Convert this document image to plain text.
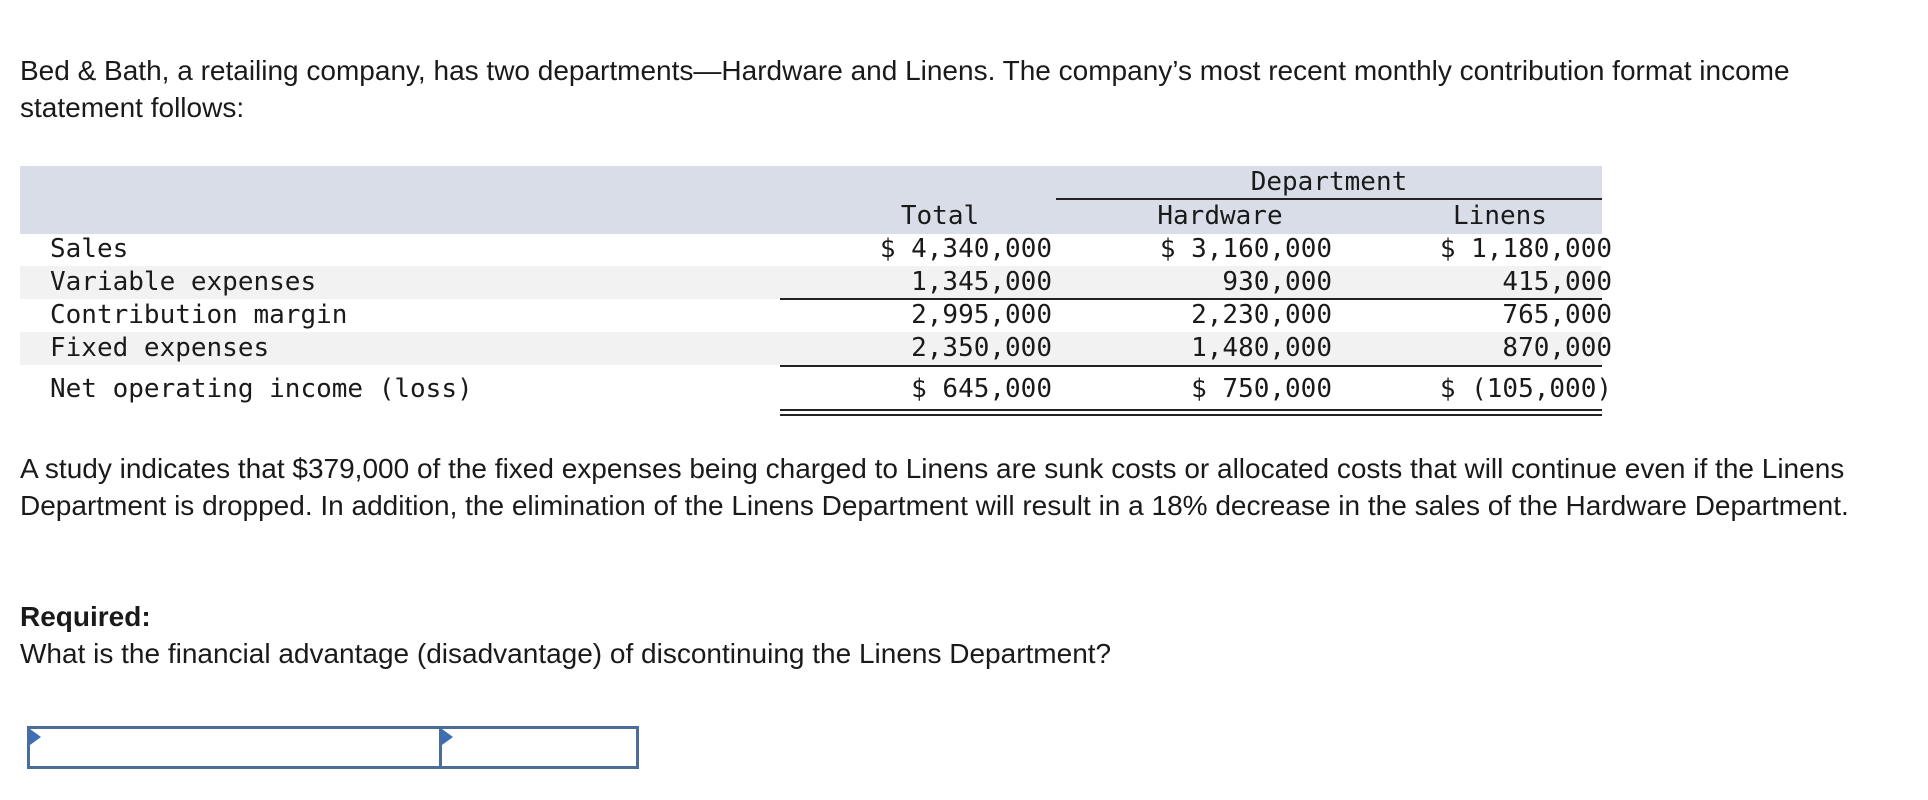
Bed & Bath, a retailing company, has two departments—Hardware and Linens. The company’s most recent monthly contribution format income statement follows:

Department
Total	Hardware	Linens
Sales	$ 4,340,000	$ 3,160,000	$ 1,180,000
Variable expenses	1,345,000	930,000	415,000
Contribution margin	2,995,000	2,230,000	765,000
Fixed expenses	2,350,000	1,480,000	870,000
Net operating income (loss)	$ 645,000	$ 750,000	$ (105,000)

A study indicates that $379,000 of the fixed expenses being charged to Linens are sunk costs or allocated costs that will continue even if the Linens Department is dropped. In addition, the elimination of the Linens Department will result in a 18% decrease in the sales of the Hardware Department.

Required:

What is the financial advantage (disadvantage) of discontinuing the Linens Department?
